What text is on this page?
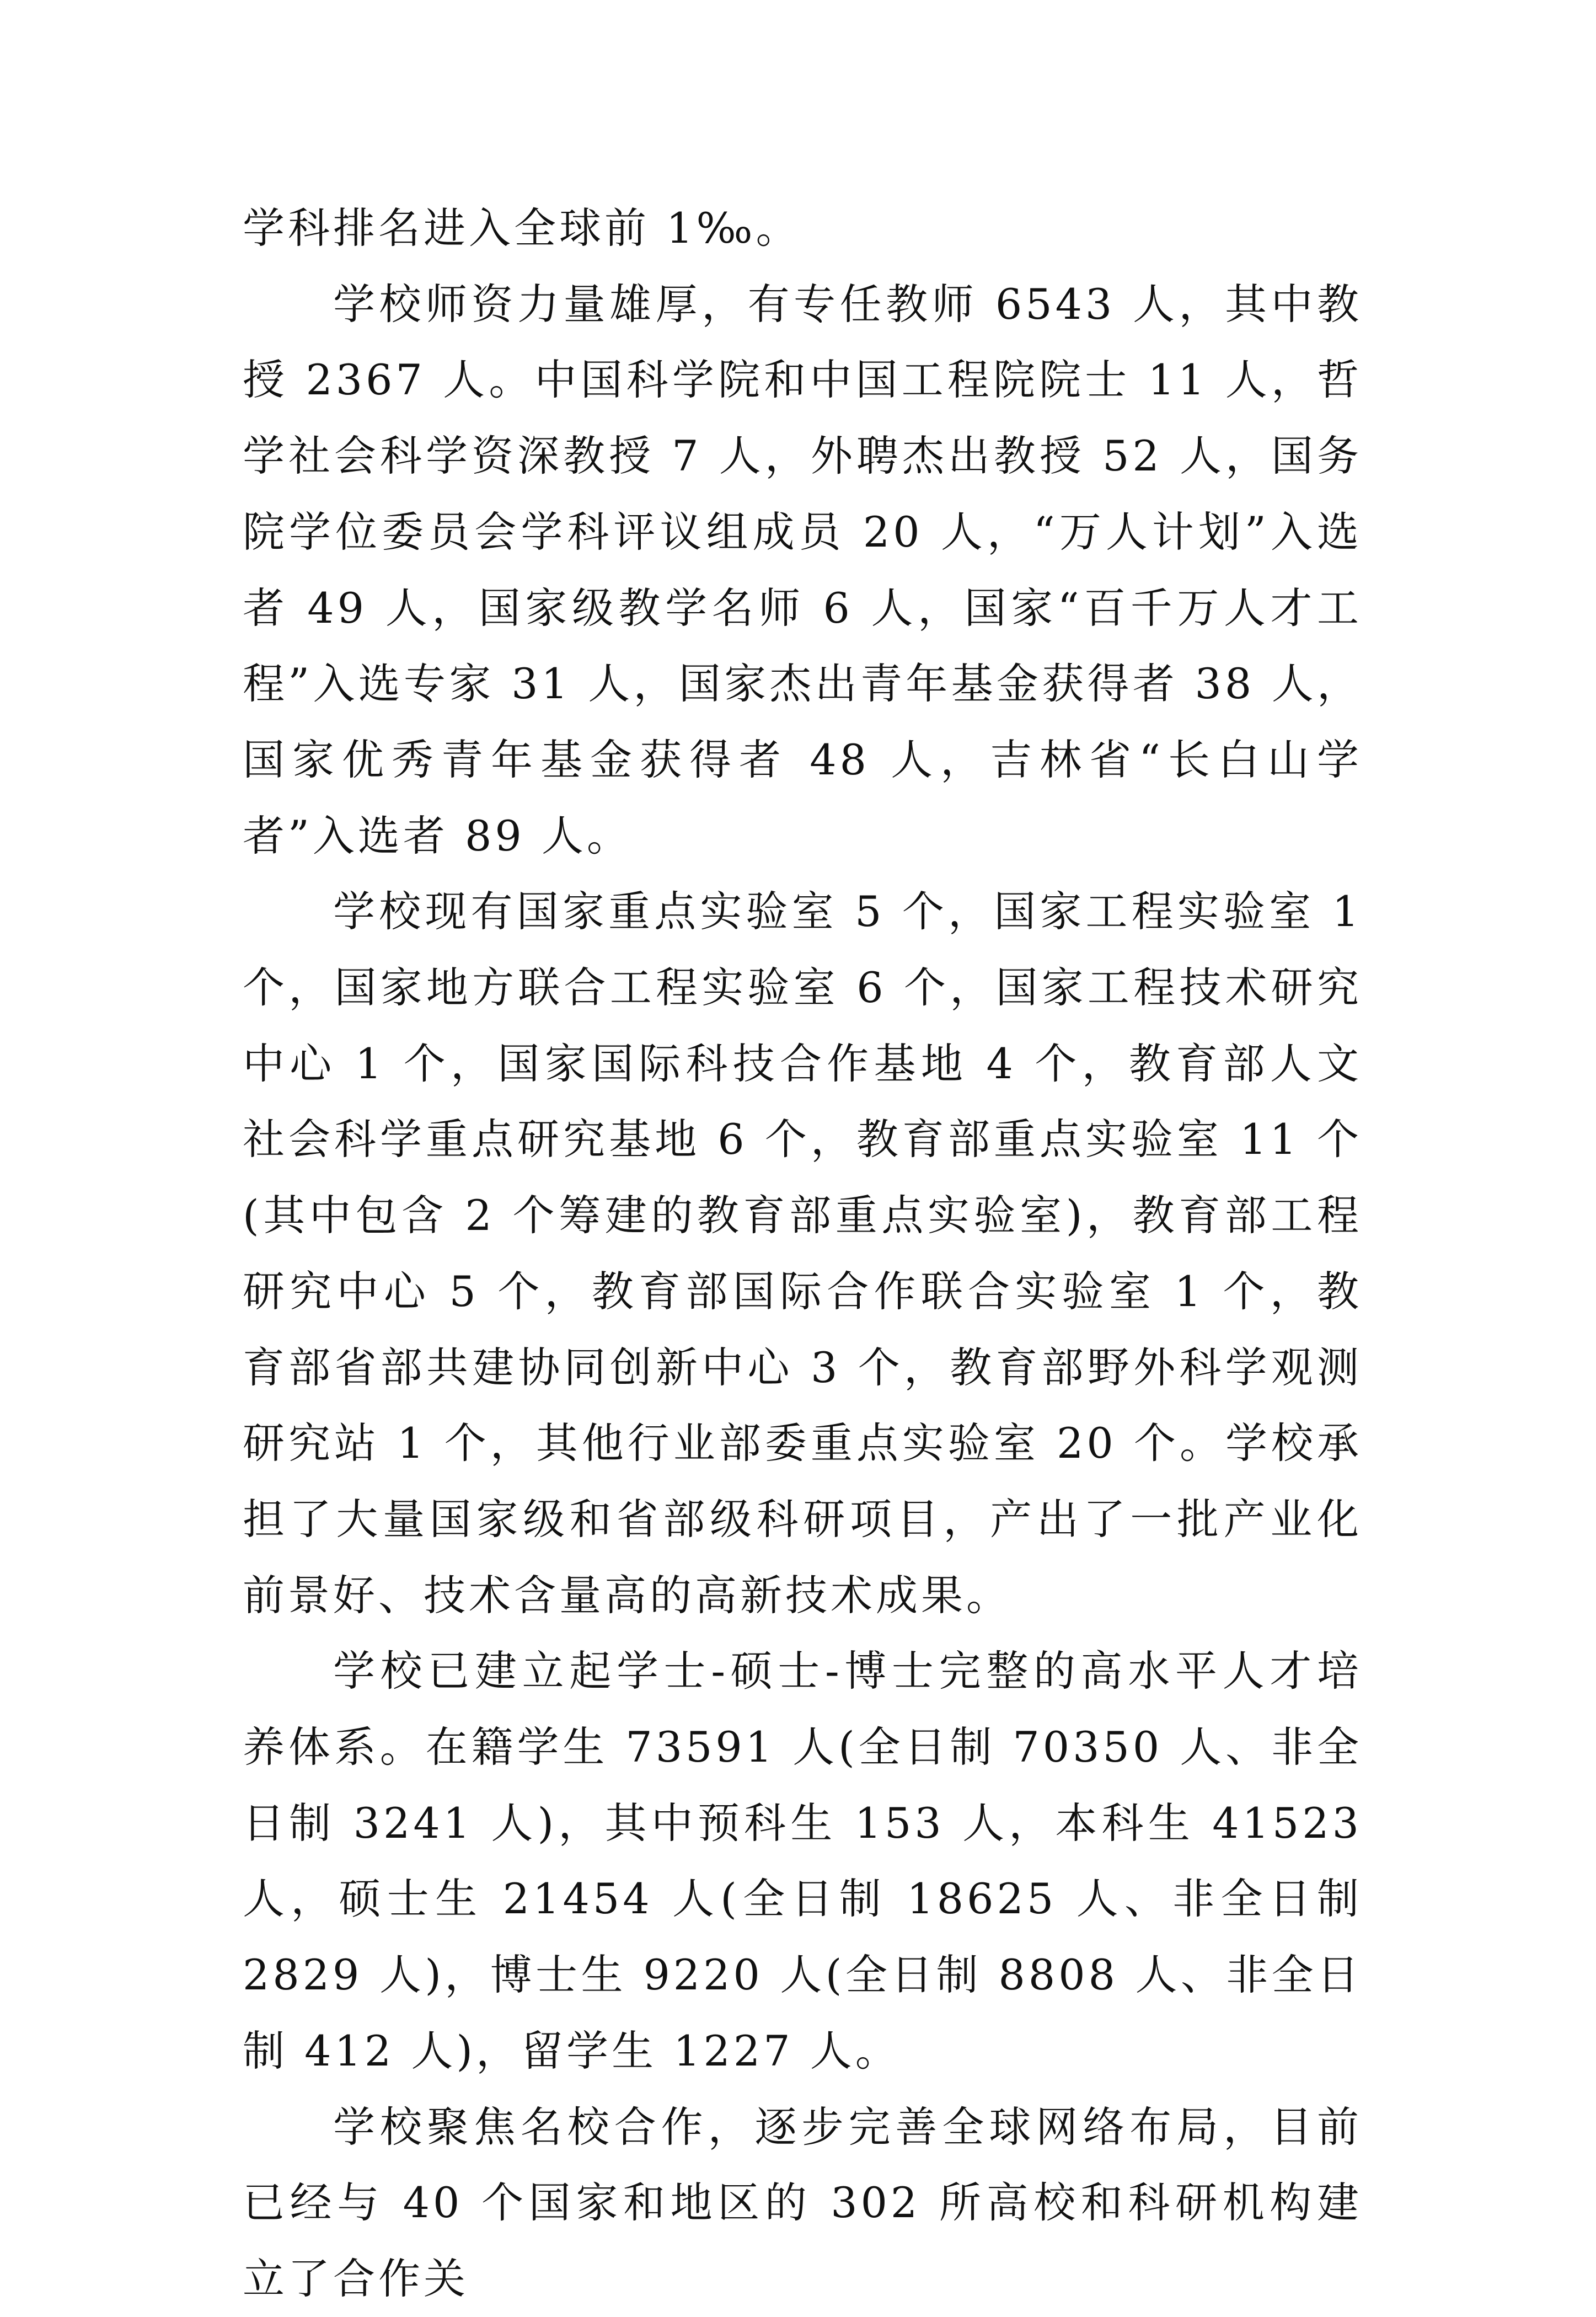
学科排名进入全球前 1‰。

学校师资力量雄厚，有专任教师 6543 人，其中教授 2367 人。中国科学院和中国工程院院士 11 人，哲学社会科学资深教授 7 人，外聘杰出教授 52 人，国务院学位委员会学科评议组成员 20 人，“万人计划”入选者 49 人，国家级教学名师 6 人，国家“百千万人才工程”入选专家 31 人，国家杰出青年基金获得者 38 人，国家优秀青年基金获得者 48 人，吉林省“长白山学者”入选者 89 人。

学校现有国家重点实验室 5 个，国家工程实验室 1 个，国家地方联合工程实验室 6 个，国家工程技术研究中心 1 个，国家国际科技合作基地 4 个，教育部人文社会科学重点研究基地 6 个，教育部重点实验室 11 个(其中包含 2 个筹建的教育部重点实验室)，教育部工程研究中心 5 个，教育部国际合作联合实验室 1 个，教育部省部共建协同创新中心 3 个，教育部野外科学观测研究站 1 个，其他行业部委重点实验室 20 个。学校承担了大量国家级和省部级科研项目，产出了一批产业化前景好、技术含量高的高新技术成果。

学校已建立起学士-硕士-博士完整的高水平人才培养体系。在籍学生 73591 人(全日制 70350 人、非全日制 3241 人)，其中预科生 153 人，本科生 41523 人，硕士生 21454 人(全日制 18625 人、非全日制 2829 人)，博士生 9220 人(全日制 8808 人、非全日制 412 人)，留学生 1227 人。

学校聚焦名校合作，逐步完善全球网络布局，目前已经与 40 个国家和地区的 302 所高校和科研机构建立了合作关
